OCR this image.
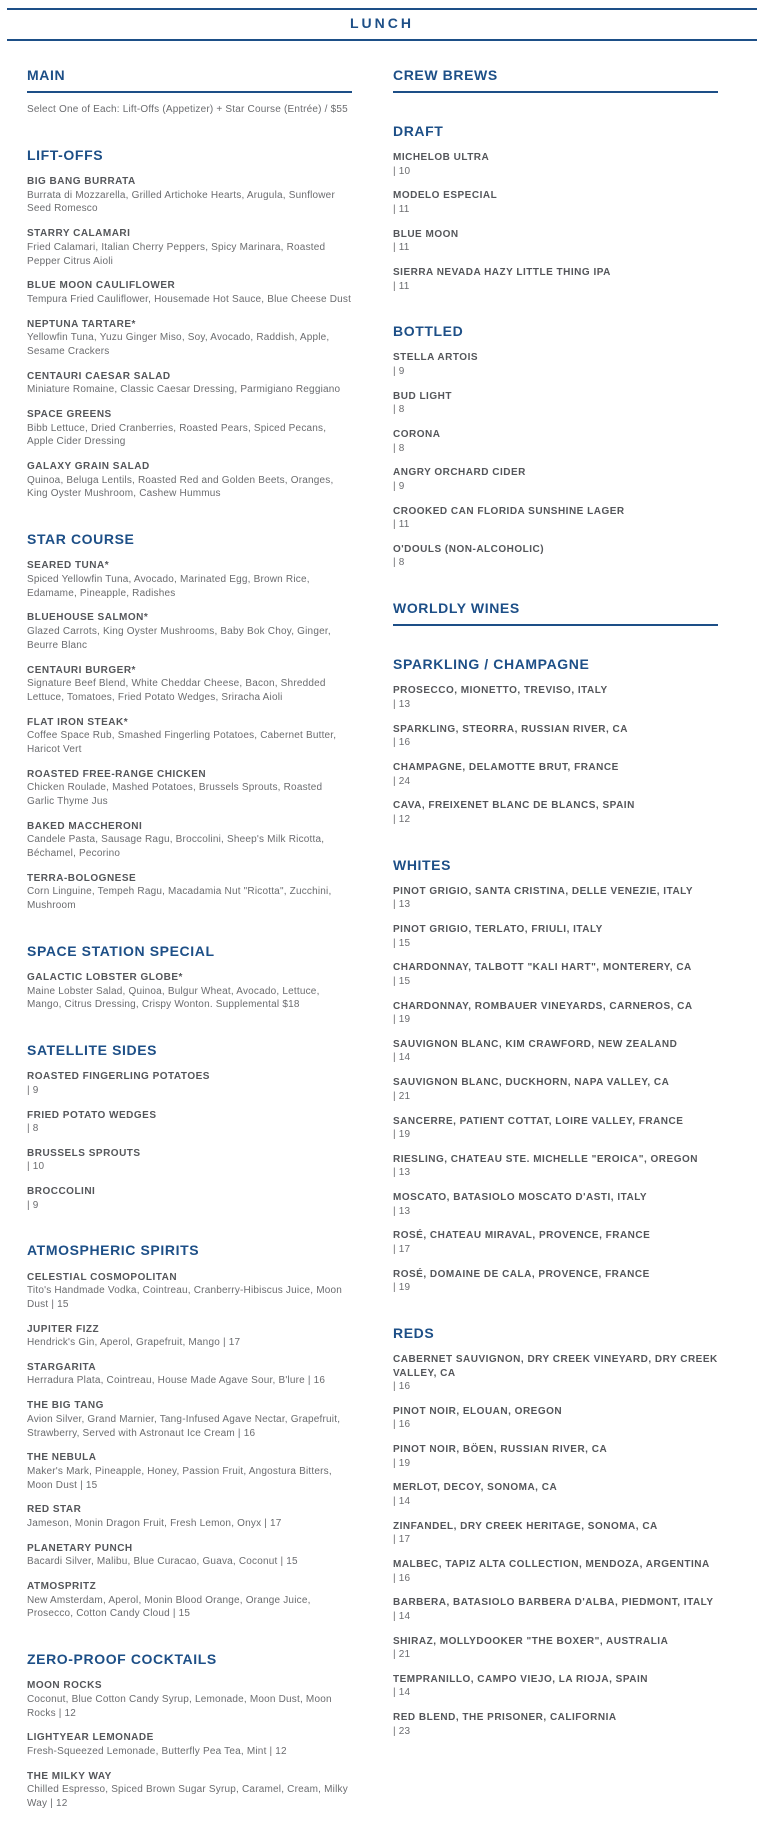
LUNCH
MAIN
Select One of Each: Lift-Offs (Appetizer) + Star Course (Entrée) / $55
LIFT-OFFS
BIG BANG BURRATA
Burrata di Mozzarella, Grilled Artichoke Hearts, Arugula, Sunflower Seed Romesco
STARRY CALAMARI
Fried Calamari, Italian Cherry Peppers, Spicy Marinara, Roasted Pepper Citrus Aioli
BLUE MOON CAULIFLOWER
Tempura Fried Cauliflower, Housemade Hot Sauce, Blue Cheese Dust
NEPTUNA TARTARE*
Yellowfin Tuna, Yuzu Ginger Miso, Soy, Avocado, Raddish, Apple, Sesame Crackers
CENTAURI CAESAR SALAD
Miniature Romaine, Classic Caesar Dressing, Parmigiano Reggiano
SPACE GREENS
Bibb Lettuce, Dried Cranberries, Roasted Pears, Spiced Pecans, Apple Cider Dressing
GALAXY GRAIN SALAD
Quinoa, Beluga Lentils, Roasted Red and Golden Beets, Oranges, King Oyster Mushroom, Cashew Hummus
STAR COURSE
SEARED TUNA*
Spiced Yellowfin Tuna, Avocado, Marinated Egg, Brown Rice, Edamame, Pineapple, Radishes
BLUEHOUSE SALMON*
Glazed Carrots, King Oyster Mushrooms, Baby Bok Choy, Ginger, Beurre Blanc
CENTAURI BURGER*
Signature Beef Blend, White Cheddar Cheese, Bacon, Shredded Lettuce, Tomatoes, Fried Potato Wedges, Sriracha Aioli
FLAT IRON STEAK*
Coffee Space Rub, Smashed Fingerling Potatoes, Cabernet Butter, Haricot Vert
ROASTED FREE-RANGE CHICKEN
Chicken Roulade, Mashed Potatoes, Brussels Sprouts, Roasted Garlic Thyme Jus
BAKED MACCHERONI
Candele Pasta, Sausage Ragu, Broccolini, Sheep's Milk Ricotta, Béchamel, Pecorino
TERRA-BOLOGNESE
Corn Linguine, Tempeh Ragu, Macadamia Nut "Ricotta", Zucchini, Mushroom
SPACE STATION SPECIAL
GALACTIC LOBSTER GLOBE*
Maine Lobster Salad, Quinoa, Bulgur Wheat, Avocado, Lettuce, Mango, Citrus Dressing, Crispy Wonton. Supplemental $18
SATELLITE SIDES
ROASTED FINGERLING POTATOES
| 9
FRIED POTATO WEDGES
| 8
BRUSSELS SPROUTS
| 10
BROCCOLINI
| 9
ATMOSPHERIC SPIRITS
CELESTIAL COSMOPOLITAN
Tito's Handmade Vodka, Cointreau, Cranberry-Hibiscus Juice, Moon Dust | 15
JUPITER FIZZ
Hendrick's Gin, Aperol, Grapefruit, Mango | 17
STARGARITA
Herradura Plata, Cointreau, House Made Agave Sour, B'lure | 16
THE BIG TANG
Avion Silver, Grand Marnier, Tang-Infused Agave Nectar, Grapefruit, Strawberry, Served with Astronaut Ice Cream | 16
THE NEBULA
Maker's Mark, Pineapple, Honey, Passion Fruit, Angostura Bitters, Moon Dust | 15
RED STAR
Jameson, Monin Dragon Fruit, Fresh Lemon, Onyx | 17
PLANETARY PUNCH
Bacardi Silver, Malibu, Blue Curacao, Guava, Coconut | 15
ATMOSPRITZ
New Amsterdam, Aperol, Monin Blood Orange, Orange Juice, Prosecco, Cotton Candy Cloud | 15
ZERO-PROOF COCKTAILS
MOON ROCKS
Coconut, Blue Cotton Candy Syrup, Lemonade, Moon Dust, Moon Rocks | 12
LIGHTYEAR LEMONADE
Fresh-Squeezed Lemonade, Butterfly Pea Tea, Mint | 12
THE MILKY WAY
Chilled Espresso, Spiced Brown Sugar Syrup, Caramel, Cream, Milky Way | 12
CREW BREWS
DRAFT
MICHELOB ULTRA
| 10
MODELO ESPECIAL
| 11
BLUE MOON
| 11
SIERRA NEVADA HAZY LITTLE THING IPA
| 11
BOTTLED
STELLA ARTOIS
| 9
BUD LIGHT
| 8
CORONA
| 8
ANGRY ORCHARD CIDER
| 9
CROOKED CAN FLORIDA SUNSHINE LAGER
| 11
O'DOULS (NON-ALCOHOLIC)
| 8
WORLDLY WINES
SPARKLING / CHAMPAGNE
PROSECCO, MIONETTO, TREVISO, ITALY
| 13
SPARKLING, STEORRA, RUSSIAN RIVER, CA
| 16
CHAMPAGNE, DELAMOTTE BRUT, FRANCE
| 24
CAVA, FREIXENET BLANC DE BLANCS, SPAIN
| 12
WHITES
PINOT GRIGIO, SANTA CRISTINA, DELLE VENEZIE, ITALY
| 13
PINOT GRIGIO, TERLATO, FRIULI, ITALY
| 15
CHARDONNAY, TALBOTT "KALI HART", MONTERERY, CA
| 15
CHARDONNAY, ROMBAUER VINEYARDS, CARNEROS, CA
| 19
SAUVIGNON BLANC, KIM CRAWFORD, NEW ZEALAND
| 14
SAUVIGNON BLANC, DUCKHORN, NAPA VALLEY, CA
| 21
SANCERRE, PATIENT COTTAT, LOIRE VALLEY, FRANCE
| 19
RIESLING, CHATEAU STE. MICHELLE "EROICA", OREGON
| 13
MOSCATO, BATASIOLO MOSCATO D'ASTI, ITALY
| 13
ROSÉ, CHATEAU MIRAVAL, PROVENCE, FRANCE
| 17
ROSÉ, DOMAINE DE CALA, PROVENCE, FRANCE
| 19
REDS
CABERNET SAUVIGNON, DRY CREEK VINEYARD, DRY CREEK VALLEY, CA
| 16
PINOT NOIR, ELOUAN, OREGON
| 16
PINOT NOIR, BÖEN, RUSSIAN RIVER, CA
| 19
MERLOT, DECOY, SONOMA, CA
| 14
ZINFANDEL, DRY CREEK HERITAGE, SONOMA, CA
| 17
MALBEC, TAPIZ ALTA COLLECTION, MENDOZA, ARGENTINA
| 16
BARBERA, BATASIOLO BARBERA D'ALBA, PIEDMONT, ITALY
| 14
SHIRAZ, MOLLYDOOKER "THE BOXER", AUSTRALIA
| 21
TEMPRANILLO, CAMPO VIEJO, LA RIOJA, SPAIN
| 14
RED BLEND, THE PRISONER, CALIFORNIA
| 23
